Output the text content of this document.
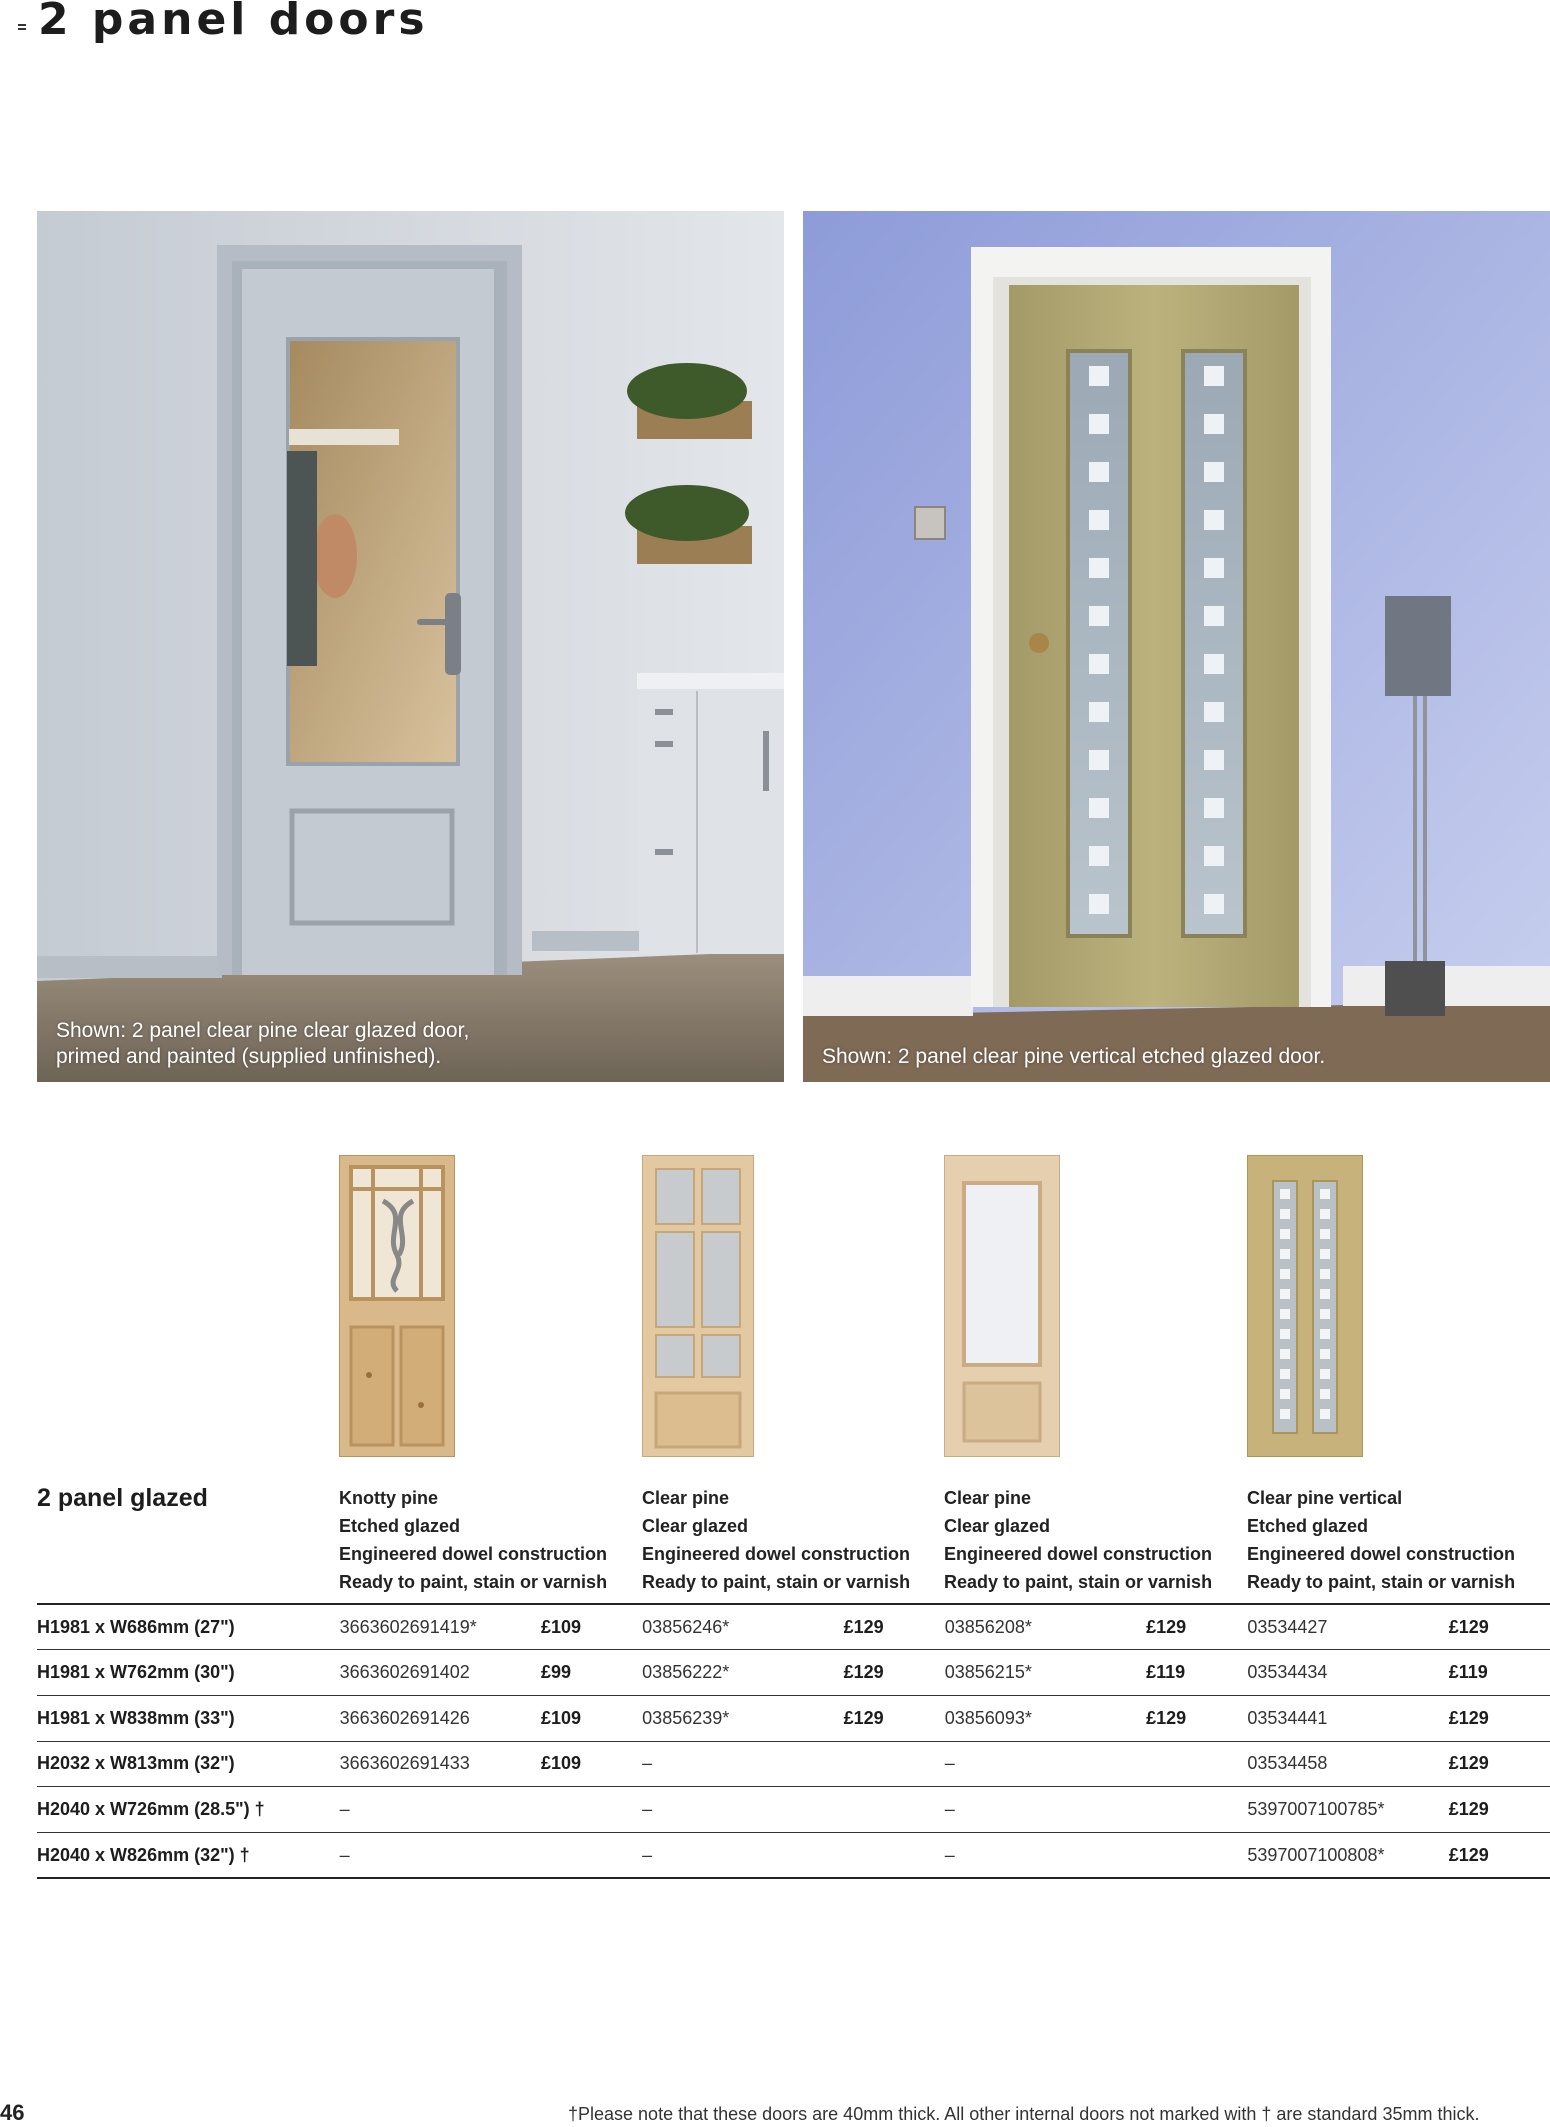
2 panel doors
Shown: 2 panel clear pine clear glazed door,
primed and painted (supplied unfinished).	Shown: 2 panel clear pine vertical etched glazed door.
2 panel glazed	Knotty pine
Etched glazed
Engineered dowel construction
Ready to paint, stain or varnish
Clear pine
Clear glazed
Engineered dowel construction
Ready to paint, stain or varnish
Clear pine
Clear glazed
Engineered dowel construction
Ready to paint, stain or varnish
Clear pine vertical
Etched glazed
Engineered dowel construction
Ready to paint, stain or varnish
H1981 x W686mm (27")	3663602691419*	£109	03856246*	£129	03856208*	£129	03534427	£129
H1981 x W762mm (30")	3663602691402	£99	03856222*	£129	03856215*	£119	03534434	£119
H1981 x W838mm (33")	3663602691426	£109	03856239*	£129	03856093*	£129	03534441	£129
H2032 x W813mm (32")	3663602691433	£109	–		–		03534458	£129
H2040 x W726mm (28.5") †	–		–		–		5397007100785*	£129
H2040 x W826mm (32") †	–		–		–		5397007100808*	£129
46	†Please note that these doors are 40mm thick. All other internal doors not marked with † are standard 35mm thick.
